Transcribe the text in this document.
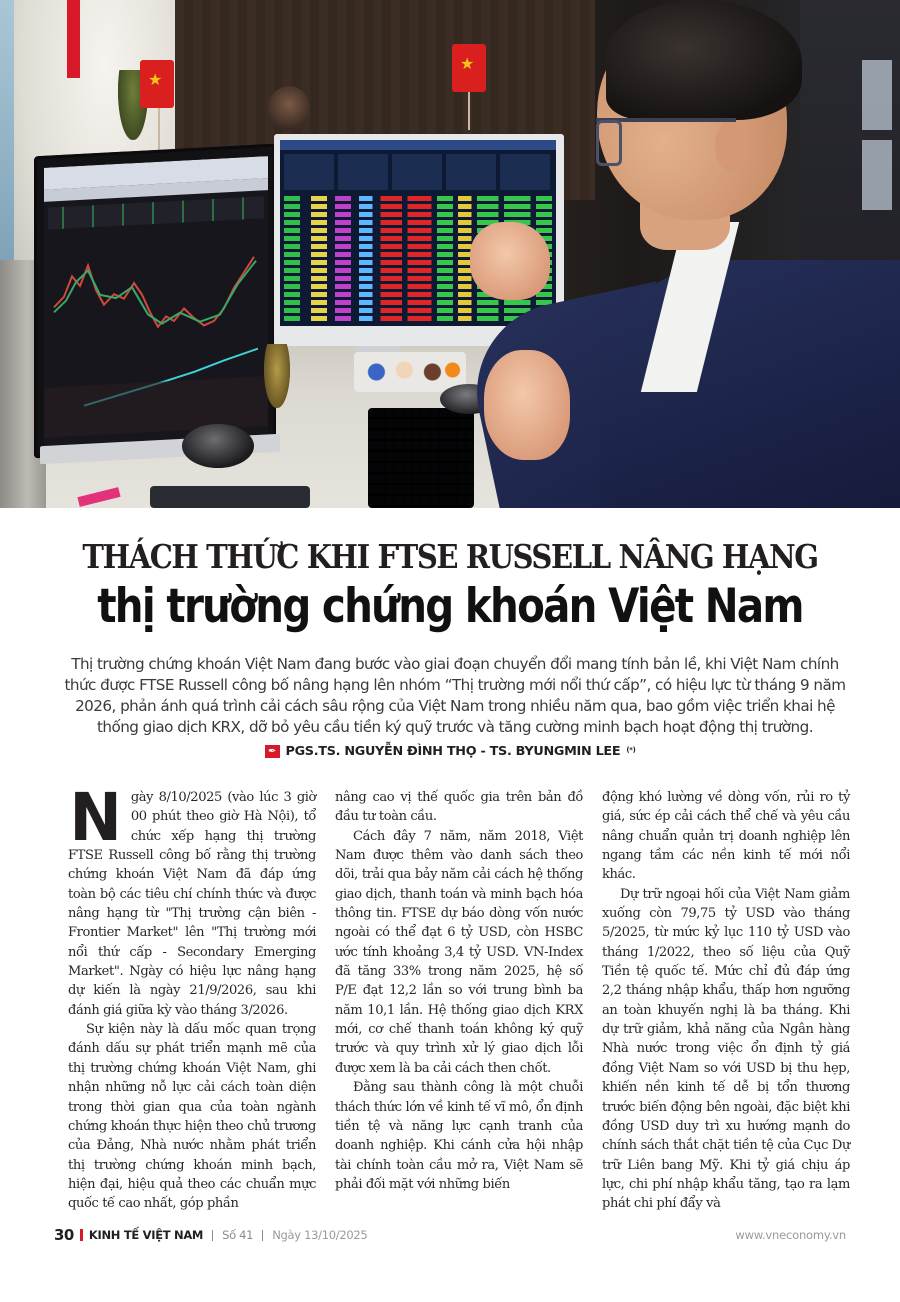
★
★
THÁCH THỨC KHI FTSE RUSSELL NÂNG HẠNG
thị trường chứng khoán Việt Nam
Thị trường chứng khoán Việt Nam đang bước vào giai đoạn chuyển đổi mang tính bản lề, khi Việt Nam chính thức được FTSE Russell công bố nâng hạng lên nhóm “Thị trường mới nổi thứ cấp”, có hiệu lực từ tháng 9 năm 2026, phản ánh quá trình cải cách sâu rộng của Việt Nam trong nhiều năm qua, bao gồm việc triển khai hệ thống giao dịch KRX, dỡ bỏ yêu cầu tiền ký quỹ trước và tăng cường minh bạch hoạt động thị trường.
✒ PGS.TS. NGUYỄN ĐÌNH THỌ - TS. BYUNGMIN LEE (*)

Ngày 8/10/2025 (vào lúc 3 giờ 00 phút theo giờ Hà Nội), tổ chức xếp hạng thị trường FTSE Russell công bố rằng thị trường chứng khoán Việt Nam đã đáp ứng toàn bộ các tiêu chí chính thức và được nâng hạng từ "Thị trường cận biên - Frontier Market" lên "Thị trường mới nổi thứ cấp - Secondary Emerging Market". Ngày có hiệu lực nâng hạng dự kiến là ngày 21/9/2026, sau khi đánh giá giữa kỳ vào tháng 3/2026.

Sự kiện này là dấu mốc quan trọng đánh dấu sự phát triển mạnh mẽ của thị trường chứng khoán Việt Nam, ghi nhận những nỗ lực cải cách toàn diện trong thời gian qua của toàn ngành chứng khoán thực hiện theo chủ trương của Đảng, Nhà nước nhằm phát triển thị trường chứng khoán minh bạch, hiện đại, hiệu quả theo các chuẩn mực quốc tế cao nhất, góp phần

nâng cao vị thế quốc gia trên bản đồ đầu tư toàn cầu.

Cách đây 7 năm, năm 2018, Việt Nam được thêm vào danh sách theo dõi, trải qua bảy năm cải cách hệ thống giao dịch, thanh toán và minh bạch hóa thông tin. FTSE dự báo dòng vốn nước ngoài có thể đạt 6 tỷ USD, còn HSBC ước tính khoảng 3,4 tỷ USD. VN-Index đã tăng 33% trong năm 2025, hệ số P/E đạt 12,2 lần so với trung bình ba năm 10,1 lần. Hệ thống giao dịch KRX mới, cơ chế thanh toán không ký quỹ trước và quy trình xử lý giao dịch lỗi được xem là ba cải cách then chốt.

Đằng sau thành công là một chuỗi thách thức lớn về kinh tế vĩ mô, ổn định tiền tệ và năng lực cạnh tranh của doanh nghiệp. Khi cánh cửa hội nhập tài chính toàn cầu mở ra, Việt Nam sẽ phải đối mặt với những biến

động khó lường về dòng vốn, rủi ro tỷ giá, sức ép cải cách thể chế và yêu cầu nâng chuẩn quản trị doanh nghiệp lên ngang tầm các nền kinh tế mới nổi khác.

Dự trữ ngoại hối của Việt Nam giảm xuống còn 79,75 tỷ USD vào tháng 5/2025, từ mức kỷ lục 110 tỷ USD vào tháng 1/2022, theo số liệu của Quỹ Tiền tệ quốc tế. Mức chỉ đủ đáp ứng 2,2 tháng nhập khẩu, thấp hơn ngưỡng an toàn khuyến nghị là ba tháng. Khi dự trữ giảm, khả năng của Ngân hàng Nhà nước trong việc ổn định tỷ giá đồng Việt Nam so với USD bị thu hẹp, khiến nền kinh tế dễ bị tổn thương trước biến động bên ngoài, đặc biệt khi đồng USD duy trì xu hướng mạnh do chính sách thắt chặt tiền tệ của Cục Dự trữ Liên bang Mỹ. Khi tỷ giá chịu áp lực, chi phí nhập khẩu tăng, tạo ra lạm phát chi phí đẩy và

30 KINH TẾ VIỆT NAM Số 41 Ngày 13/10/2025	www.vneconomy.vn
